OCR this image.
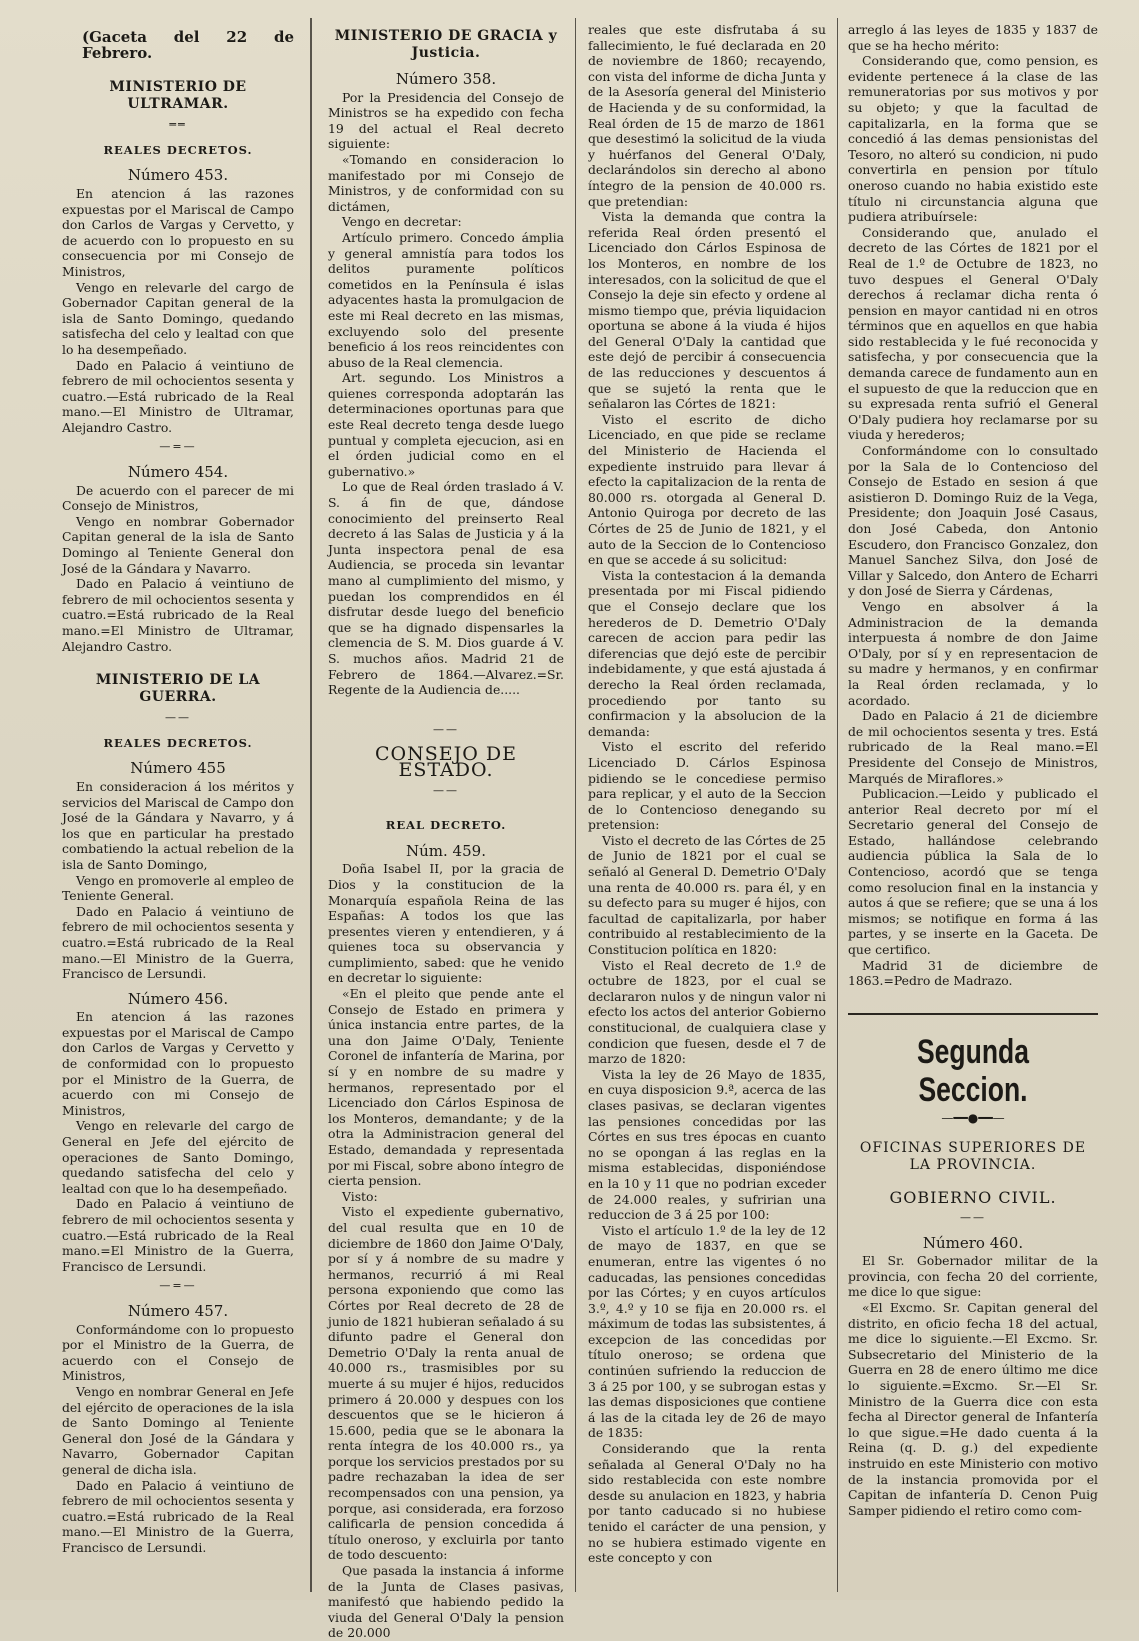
(Gaceta del 22 de Febrero.
MINISTERIO DE ULTRAMAR.
══
REALES DECRETOS.
Número 453.

En atencion á las razones expuestas por el Mariscal de Campo don Carlos de Vargas y Cervetto, y de acuerdo con lo propuesto en su consecuencia por mi Consejo de Ministros,

Vengo en relevarle del cargo de Gobernador Capitan general de la isla de Santo Domingo, quedando satisfecha del celo y lealtad con que lo ha desempeñado.

Dado en Palacio á veintiuno de febrero de mil ochocientos sesenta y cuatro.—Está rubricado de la Real mano.—El Ministro de Ultramar, Alejandro Castro.

—=—
Número 454.

De acuerdo con el parecer de mi Consejo de Ministros,

Vengo en nombrar Gobernador Capitan general de la isla de Santo Domingo al Teniente General don José de la Gándara y Navarro.

Dado en Palacio á veintiuno de febrero de mil ochocientos sesenta y cuatro.=Está rubricado de la Real mano.=El Ministro de Ultramar, Alejandro Castro.

MINISTERIO DE LA GUERRA.
——
REALES DECRETOS.
Número 455

En consideracion á los méritos y servicios del Mariscal de Campo don José de la Gándara y Navarro, y á los que en particular ha prestado combatiendo la actual rebelion de la isla de Santo Domingo,

Vengo en promoverle al empleo de Teniente General.

Dado en Palacio á veintiuno de febrero de mil ochocientos sesenta y cuatro.=Está rubricado de la Real mano.—El Ministro de la Guerra, Francisco de Lersundi.

Número 456.

En atencion á las razones expuestas por el Mariscal de Campo don Carlos de Vargas y Cervetto y de conformidad con lo propuesto por el Ministro de la Guerra, de acuerdo con mi Consejo de Ministros,

Vengo en relevarle del cargo de General en Jefe del ejército de operaciones de Santo Domingo, quedando satisfecha del celo y lealtad con que lo ha desempeñado.

Dado en Palacio á veintiuno de febrero de mil ochocientos sesenta y cuatro.—Está rubricado de la Real mano.=El Ministro de la Guerra, Francisco de Lersundi.

—=—
Número 457.

Conformándome con lo propuesto por el Ministro de la Guerra, de acuerdo con el Consejo de Ministros,

Vengo en nombrar General en Jefe del ejército de operaciones de la isla de Santo Domingo al Teniente General don José de la Gándara y Navarro, Gobernador Capitan general de dicha isla.

Dado en Palacio á veintiuno de febrero de mil ochocientos sesenta y cuatro.=Está rubricado de la Real mano.—El Ministro de la Guerra, Francisco de Lersundi.

MINISTERIO DE GRACIA y Justicia.
Número 358.

Por la Presidencia del Consejo de Ministros se ha expedido con fecha 19 del actual el Real decreto siguiente:

«Tomando en consideracion lo manifestado por mi Consejo de Ministros, y de conformidad con su dictámen,

Vengo en decretar:

Artículo primero. Concedo ámplia y general amnistía para todos los delitos puramente políticos cometidos en la Península é islas adyacentes hasta la promulgacion de este mi Real decreto en las mismas, excluyendo solo del presente beneficio á los reos reincidentes con abuso de la Real clemencia.

Art. segundo. Los Ministros a quienes corresponda adoptarán las determinaciones oportunas para que este Real decreto tenga desde luego puntual y completa ejecucion, asi en el órden judicial como en el gubernativo.»

Lo que de Real órden traslado á V. S. á fin de que, dándose conocimiento del preinserto Real decreto á las Salas de Justicia y á la Junta inspectora penal de esa Audiencia, se proceda sin levantar mano al cumplimiento del mismo, y puedan los comprendidos en él disfrutar desde luego del beneficio que se ha dignado dispensarles la clemencia de S. M. Dios guarde á V. S. muchos años. Madrid 21 de Febrero de 1864.—Alvarez.=Sr. Regente de la Audiencia de.....

——
CONSEJO DE ESTADO.
——
REAL DECRETO.
Núm. 459.

Doña Isabel II, por la gracia de Dios y la constitucion de la Monarquía española Reina de las Españas: A todos los que las presentes vieren y entendieren, y á quienes toca su observancia y cumplimiento, sabed: que he venido en decretar lo siguiente:

«En el pleito que pende ante el Consejo de Estado en primera y única instancia entre partes, de la una don Jaime O'Daly, Teniente Coronel de infantería de Marina, por sí y en nombre de su madre y hermanos, representado por el Licenciado don Cárlos Espinosa de los Monteros, demandante; y de la otra la Administracion general del Estado, demandada y representada por mi Fiscal, sobre abono íntegro de cierta pension.

Visto:

Visto el expediente gubernativo, del cual resulta que en 10 de diciembre de 1860 don Jaime O'Daly, por sí y á nombre de su madre y hermanos, recurrió á mi Real persona exponiendo que como las Córtes por Real decreto de 28 de junio de 1821 hubieran señalado á su difunto padre el General don Demetrio O'Daly la renta anual de 40.000 rs., trasmisibles por su muerte á su mujer é hijos, reducidos primero á 20.000 y despues con los descuentos que se le hicieron á 15.600, pedia que se le abonara la renta íntegra de los 40.000 rs., ya porque los servicios prestados por su padre rechazaban la idea de ser recompensados con una pension, ya porque, asi considerada, era forzoso calificarla de pension concedida á título oneroso, y excluirla por tanto de todo descuento:

Que pasada la instancia á informe de la Junta de Clases pasivas, manifestó que habiendo pedido la viuda del General O'Daly la pension de 20.000

reales que este disfrutaba á su fallecimiento, le fué declarada en 20 de noviembre de 1860; recayendo, con vista del informe de dicha Junta y de la Asesoría general del Ministerio de Hacienda y de su conformidad, la Real órden de 15 de marzo de 1861 que desestimó la solicitud de la viuda y huérfanos del General O'Daly, declarándolos sin derecho al abono íntegro de la pension de 40.000 rs. que pretendian:

Vista la demanda que contra la referida Real órden presentó el Licenciado don Cárlos Espinosa de los Monteros, en nombre de los interesados, con la solicitud de que el Consejo la deje sin efecto y ordene al mismo tiempo que, prévia liquidacion oportuna se abone á la viuda é hijos del General O'Daly la cantidad que este dejó de percibir á consecuencia de las reducciones y descuentos á que se sujetó la renta que le señalaron las Córtes de 1821:

Visto el escrito de dicho Licenciado, en que pide se reclame del Ministerio de Hacienda el expediente instruido para llevar á efecto la capitalizacion de la renta de 80.000 rs. otorgada al General D. Antonio Quiroga por decreto de las Córtes de 25 de Junio de 1821, y el auto de la Seccion de lo Contencioso en que se accede á su solicitud:

Vista la contestacion á la demanda presentada por mi Fiscal pidiendo que el Consejo declare que los herederos de D. Demetrio O'Daly carecen de accion para pedir las diferencias que dejó este de percibir indebidamente, y que está ajustada á derecho la Real órden reclamada, procediendo por tanto su confirmacion y la absolucion de la demanda:

Visto el escrito del referido Licenciado D. Cárlos Espinosa pidiendo se le concediese permiso para replicar, y el auto de la Seccion de lo Contencioso denegando su pretension:

Visto el decreto de las Córtes de 25 de Junio de 1821 por el cual se señaló al General D. Demetrio O'Daly una renta de 40.000 rs. para él, y en su defecto para su muger é hijos, con facultad de capitalizarla, por haber contribuido al restablecimiento de la Constitucion política en 1820:

Visto el Real decreto de 1.º de octubre de 1823, por el cual se declararon nulos y de ningun valor ni efecto los actos del anterior Gobierno constitucional, de cualquiera clase y condicion que fuesen, desde el 7 de marzo de 1820:

Vista la ley de 26 Mayo de 1835, en cuya disposicion 9.ª, acerca de las clases pasivas, se declaran vigentes las pensiones concedidas por las Córtes en sus tres épocas en cuanto no se opongan á las reglas en la misma establecidas, disponiéndose en la 10 y 11 que no podrian exceder de 24.000 reales, y sufririan una reduccion de 3 á 25 por 100:

Visto el artículo 1.º de la ley de 12 de mayo de 1837, en que se enumeran, entre las vigentes ó no caducadas, las pensiones concedidas por las Córtes; y en cuyos artículos 3.º, 4.º y 10 se fija en 20.000 rs. el máximum de todas las subsistentes, á excepcion de las concedidas por título oneroso; se ordena que continúen sufriendo la reduccion de 3 á 25 por 100, y se subrogan estas y las demas disposiciones que contiene á las de la citada ley de 26 de mayo de 1835:

Considerando que la renta señalada al General O'Daly no ha sido restablecida con este nombre desde su anulacion en 1823, y habria por tanto caducado si no hubiese tenido el carácter de una pension, y no se hubiera estimado vigente en este concepto y con

arreglo á las leyes de 1835 y 1837 de que se ha hecho mérito:

Considerando que, como pension, es evidente pertenece á la clase de las remuneratorias por sus motivos y por su objeto; y que la facultad de capitalizarla, en la forma que se concedió á las demas pensionistas del Tesoro, no alteró su condicion, ni pudo convertirla en pension por título oneroso cuando no habia existido este título ni circunstancia alguna que pudiera atribuírsele:

Considerando que, anulado el decreto de las Córtes de 1821 por el Real de 1.º de Octubre de 1823, no tuvo despues el General O'Daly derechos á reclamar dicha renta ó pension en mayor cantidad ni en otros términos que en aquellos en que habia sido restablecida y le fué reconocida y satisfecha, y por consecuencia que la demanda carece de fundamento aun en el supuesto de que la reduccion que en su expresada renta sufrió el General O'Daly pudiera hoy reclamarse por su viuda y herederos;

Conformándome con lo consultado por la Sala de lo Contencioso del Consejo de Estado en sesion á que asistieron D. Domingo Ruiz de la Vega, Presidente; don Joaquin José Casaus, don José Cabeda, don Antonio Escudero, don Francisco Gonzalez, don Manuel Sanchez Silva, don José de Villar y Salcedo, don Antero de Echarri y don José de Sierra y Cárdenas,

Vengo en absolver á la Administracion de la demanda interpuesta á nombre de don Jaime O'Daly, por sí y en representacion de su madre y hermanos, y en confirmar la Real órden reclamada, y lo acordado.

Dado en Palacio á 21 de diciembre de mil ochocientos sesenta y tres. Está rubricado de la Real mano.=El Presidente del Consejo de Ministros, Marqués de Miraflores.»

Publicacion.—Leido y publicado el anterior Real decreto por mí el Secretario general del Consejo de Estado, hallándose celebrando audiencia pública la Sala de lo Contencioso, acordó que se tenga como resolucion final en la instancia y autos á que se refiere; que se una á los mismos; se notifique en forma á las partes, y se inserte en la Gaceta. De que certifico.

Madrid 31 de diciembre de 1863.=Pedro de Madrazo.

Segunda Seccion.
—━━●━━—
OFICINAS SUPERIORES DE LA PROVINCIA.
GOBIERNO CIVIL.
——
Número 460.

El Sr. Gobernador militar de la provincia, con fecha 20 del corriente, me dice lo que sigue:

«El Excmo. Sr. Capitan general del distrito, en oficio fecha 18 del actual, me dice lo siguiente.—El Excmo. Sr. Subsecretario del Ministerio de la Guerra en 28 de enero último me dice lo siguiente.=Excmo. Sr.—El Sr. Ministro de la Guerra dice con esta fecha al Director general de Infantería lo que sigue.=He dado cuenta á la Reina (q. D. g.) del expediente instruido en este Ministerio con motivo de la instancia promovida por el Capitan de infantería D. Cenon Puig Samper pidiendo el retiro como com-
